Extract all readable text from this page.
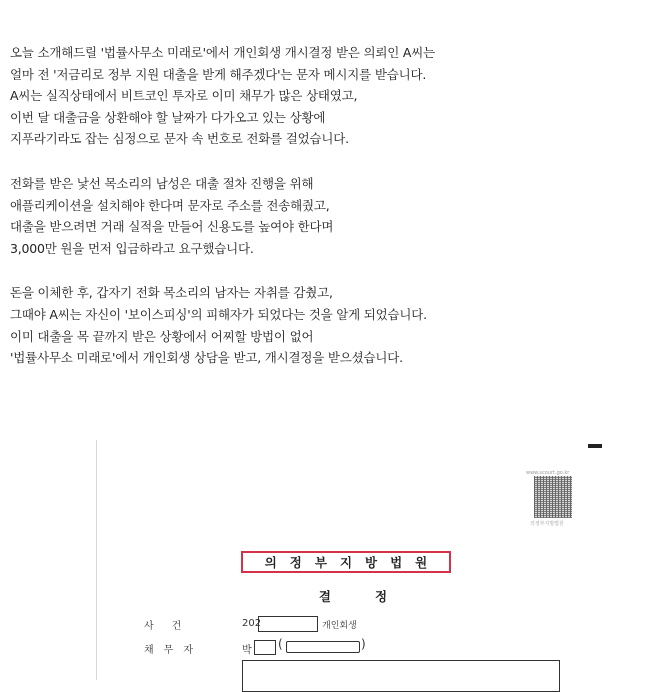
오늘 소개해드릴 '법률사무소 미래로'에서 개인회생 개시결정 받은 의뢰인 A씨는
얼마 전 '저금리로 정부 지원 대출을 받게 해주겠다'는 문자 메시지를 받습니다.
A씨는 실직상태에서 비트코인 투자로 이미 채무가 많은 상태였고,
이번 달 대출금을 상환해야 할 날짜가 다가오고 있는 상황에
지푸라기라도 잡는 심정으로 문자 속 번호로 전화를 걸었습니다.
전화를 받은 낯선 목소리의 남성은 대출 절차 진행을 위해
애플리케이션을 설치해야 한다며 문자로 주소를 전송해줬고,
대출을 받으려면 거래 실적을 만들어 신용도를 높여야 한다며
3,000만 원을 먼저 입금하라고 요구했습니다.
돈을 이체한 후, 갑자기 전화 목소리의 남자는 자취를 감췄고,
그때야 A씨는 자신이 '보이스피싱'의 피해자가 되었다는 것을 알게 되었습니다.
이미 대출을 목 끝까지 받은 상황에서 어찌할 방법이 없어
'법률사무소 미래로'에서 개인회생 상담을 받고, 개시결정을 받으셨습니다.
www.scourt.go.kr
의정부지방법원
의정부지방법원
결정
사건	202	개인회생
채무자	박 (	)
